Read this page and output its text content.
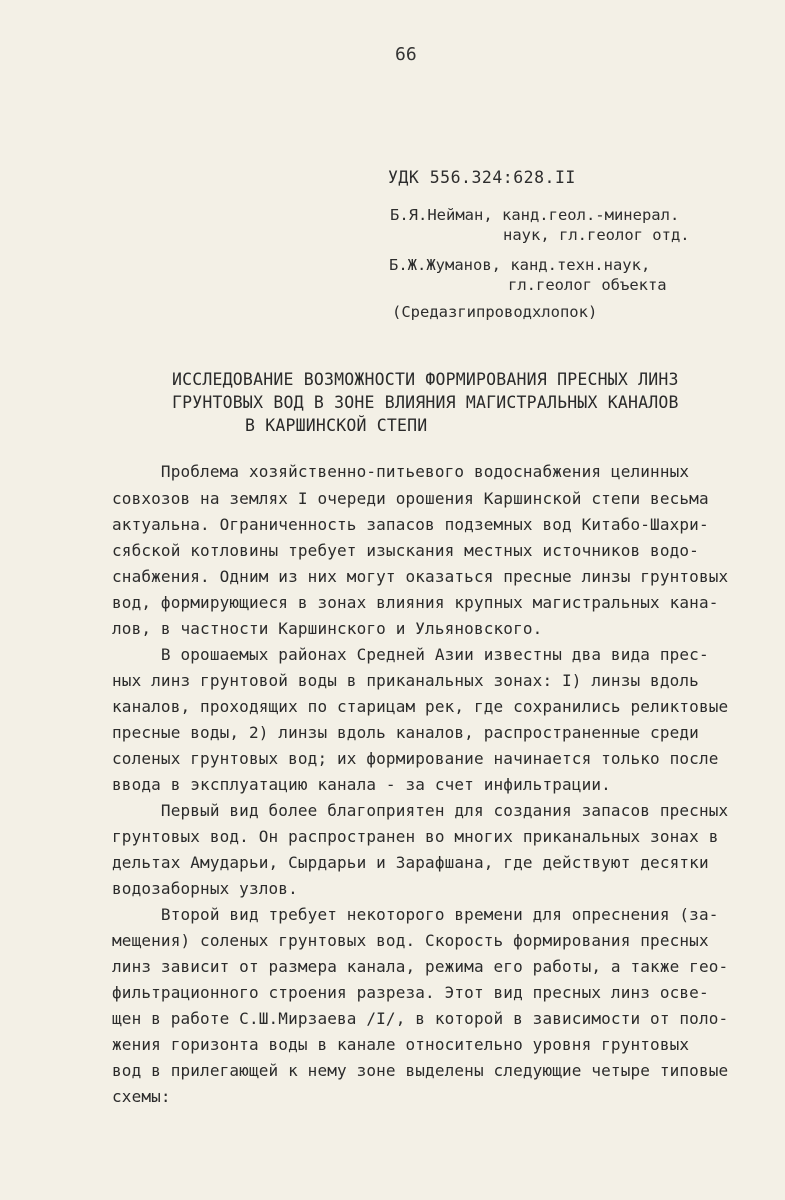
66
УДК 556.324:628.II
Б.Я.Нейман, канд.геол.-минерал.
наук, гл.геолог отд.
Б.Ж.Жуманов, канд.техн.наук,
гл.геолог объекта
(Средазгипроводхлопок)
ИССЛЕДОВАНИЕ ВОЗМОЖНОСТИ ФОРМИРОВАНИЯ ПРЕСНЫХ ЛИНЗ
ГРУНТОВЫХ ВОД В ЗОНЕ ВЛИЯНИЯ МАГИСТРАЛЬНЫХ КАНАЛОВ
В КАРШИНСКОЙ СТЕПИ
Проблема хозяйственно-питьевого водоснабжения целинных
совхозов на землях I очереди орошения Каршинской степи весьма
актуальна. Ограниченность запасов подземных вод Китабо-Шахри-
сябской котловины требует изыскания местных источников водо-
снабжения. Одним из них могут оказаться пресные линзы грунтовых
вод, формирующиеся в зонах влияния крупных магистральных кана-
лов, в частности Каршинского и Ульяновского.
В орошаемых районах Средней Азии известны два вида прес-
ных линз грунтовой воды в приканальных зонах: I) линзы вдоль
каналов, проходящих по старицам рек, где сохранились реликтовые
пресные воды, 2) линзы вдоль каналов, распространенные среди
соленых грунтовых вод; их формирование начинается только после
ввода в эксплуатацию канала - за счет инфильтрации.
Первый вид более благоприятен для создания запасов пресных
грунтовых вод. Он распространен во многих приканальных зонах в
дельтах Амударьи, Сырдарьи и Зарафшана, где действуют десятки
водозаборных узлов.
Второй вид требует некоторого времени для опреснения (за-
мещения) соленых грунтовых вод. Скорость формирования пресных
линз зависит от размера канала, режима его работы, а также гео-
фильтрационного строения разреза. Этот вид пресных линз осве-
щен в работе С.Ш.Мирзаева /I/, в которой в зависимости от поло-
жения горизонта воды в канале относительно уровня грунтовых
вод в прилегающей к нему зоне выделены следующие четыре типовые
схемы:
